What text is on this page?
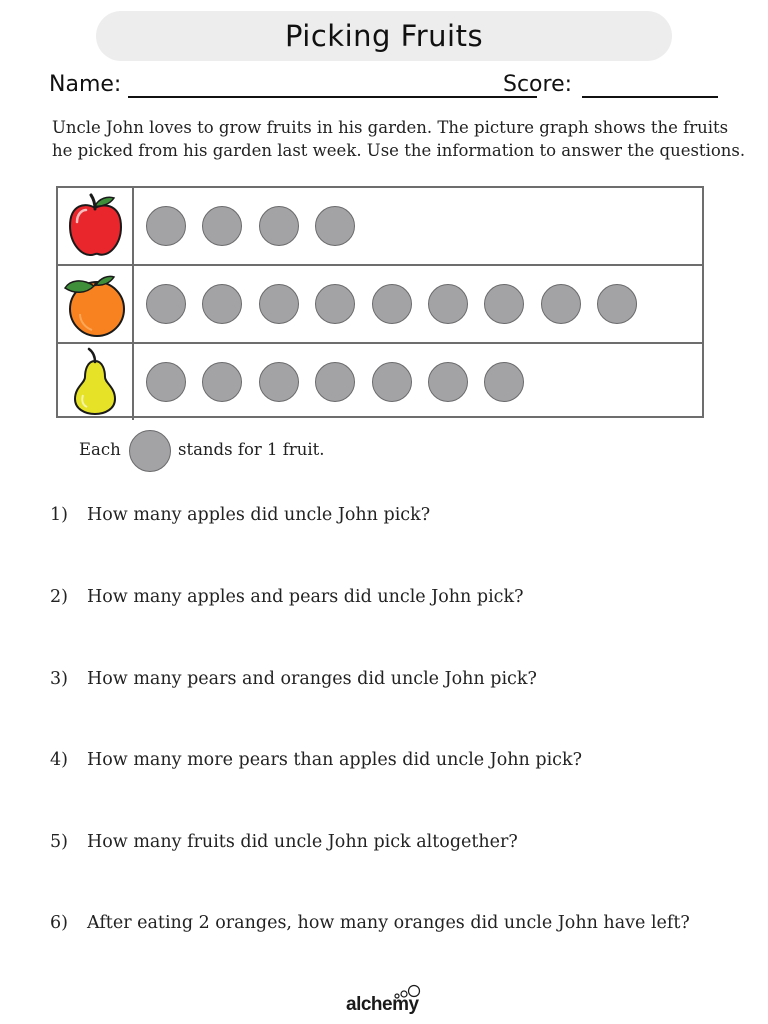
Picking Fruits
Name:	Score:

Uncle John loves to grow fruits in his garden. The picture graph shows the fruits

he picked from his garden last week. Use the information to answer the questions.

Each	stands for 1 fruit.
1) How many apples did uncle John pick?
2) How many apples and pears did uncle John pick?
3) How many pears and oranges did uncle John pick?
4) How many more pears than apples did uncle John pick?
5) How many fruits did uncle John pick altogether?
6) After eating 2 oranges, how many oranges did uncle John have left?
alchemy
